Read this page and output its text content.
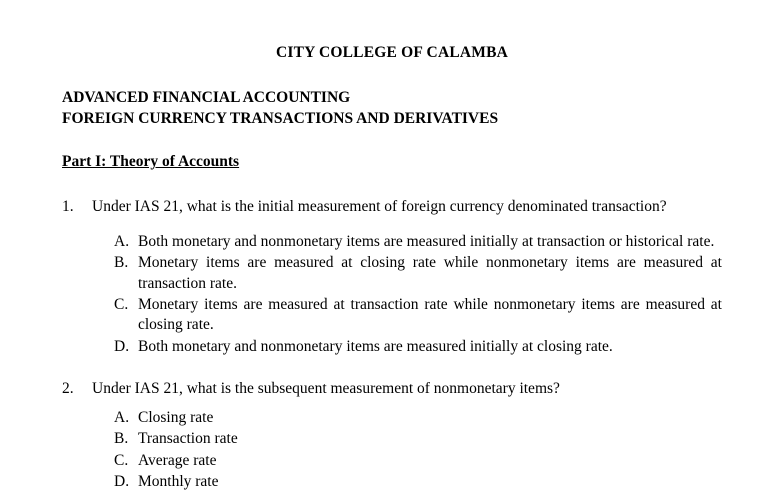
CITY COLLEGE OF CALAMBA
ADVANCED FINANCIAL ACCOUNTING
FOREIGN CURRENCY TRANSACTIONS AND DERIVATIVES
Part I: Theory of Accounts
1.	Under IAS 21, what is the initial measurement of foreign currency denominated transaction?
A. Both monetary and nonmonetary items are measured initially at transaction or historical rate.
B. Monetary items are measured at closing rate while nonmonetary items are measured at transaction rate.
C. Monetary items are measured at transaction rate while nonmonetary items are measured at closing rate.
D. Both monetary and nonmonetary items are measured initially at closing rate.
2.	Under IAS 21, what is the subsequent measurement of nonmonetary items?
A. Closing rate
B. Transaction rate
C. Average rate
D. Monthly rate
